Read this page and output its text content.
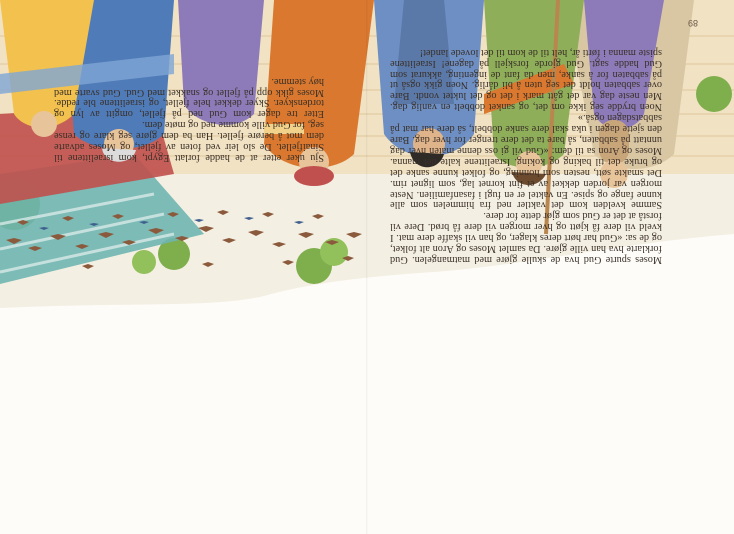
Moses spurte Gud hva de skulle gjøre med matmangelen. Gud forklarte hva han ville gjøre. Da samlet Moses og Aron alt folket, og de sa: «Gud har hørt deres klager, og han vil skaffe dere mat. I kveld vil dere få kjøtt og hver morgen vil dere få brød. Dere vil forstå at det er Gud som gjør dette for dere.

Samme kvelden kom det vaktler ned fra himmelen som alle kunne fange og spise. En vaktel er en fugl i fasanfamilien. Neste morgen var jorden dekket av et fint kornet lag, som lignet rim. Det smakte søtt, nesten som honning, og folket kunne sanke det og bruke det til baking og koking. Israelittene kalte det manna. Moses og Aron sa til dem: «Gud vil gi oss denne maten hver dag unntatt på sabbaten, så bare ta det dere trenger for hver dag. Bare den sjette dagen i uka skal dere sanke dobbelt, så dere har mat på sabbatsdagen også.»

Noen brydde seg ikke om det, og sanket dobbelt en vanlig dag. Men neste dag var det gått mark i det og det luktet vondt. Bare over sabbaten holdt det seg uten å bli dårlig. Noen gikk også ut på sabbaten for å sanke, men da fant de ingenting, akkurat som Gud hadde sagt. Gud gjorde forskjell på dagene! Israelittene spiste manna i førti år, helt til de kom til det lovede landet!

Sju uker etter at de hadde forlatt Egypt, kom israelittene til Sinaifjellet. De slo leir ved foten av fjellet, og Moses advarte dem mot å berøre fjellet. Han ba dem gjøre seg klare og rense seg, for Gud ville komme ned og møte dem.

Etter tre dager kom Gud ned på fjellet, omgitt av lyn og tordenskyer. Skyer dekket hele fjellet, og israelittene ble redde. Moses gikk opp på fjellet og snakket med Gud. Gud svarte med høy stemme.

89
